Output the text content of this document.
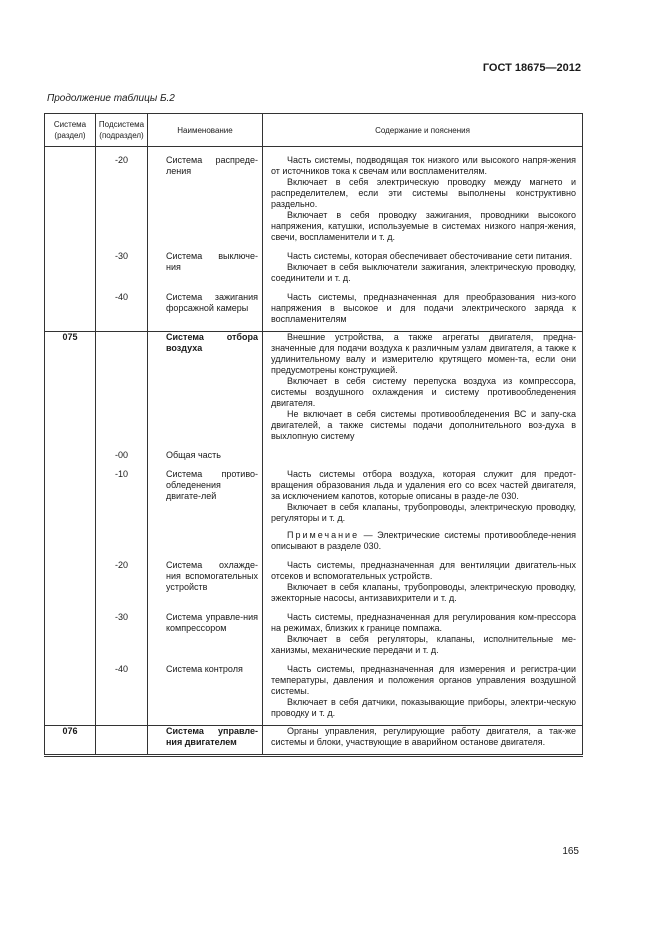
ГОСТ 18675—2012
Продолжение таблицы Б.2
Система (раздел)	Подсистема (подраздел)	Наименование	Содержание и пояснения

	-20	Система распреде-ления	Часть системы, подводящая ток низкого или высокого напря-жения от источников тока к свечам или воспламенителям.

Включает в себя электрическую проводку между магнето и распределителем, если эти системы выполнены конструктивно раздельно.

Включает в себя проводку зажигания, проводники высокого напряжения, катушки, используемые в системах низкого напря-жения, свечи, воспламенители и т. д.

	-30	Система выключе-ния	Часть системы, которая обеспечивает обесточивание сети питания.

Включает в себя выключатели зажигания, электрическую проводку, соединители и т. д.

	-40	Система зажигания форсажной камеры	Часть системы, предназначенная для преобразования низ-кого напряжения в высокое и для подачи электрического заряда к воспламенителям

075		Система отбора воздуха	Внешние устройства, а также агрегаты двигателя, предна-значенные для подачи воздуха к различным узлам двигателя, а также к удлинительному валу и измерителю крутящего момен-та, если они предусмотрены конструкцией.

Включает в себя систему перепуска воздуха из компрессора, системы воздушного охлаждения и систему противообледенения двигателя.

Не включает в себя системы противообледенения ВС и запу-ска двигателей, а также системы подачи дополнительного воз-духа в выхлопную систему

	-00	Общая часть	
	-10	Система противо-обледенения двигате-лей	Часть системы отбора воздуха, которая служит для предот-вращения образования льда и удаления его со всех частей двигателя, за исключением капотов, которые описаны в разде-ле 030.

Включает в себя клапаны, трубопроводы, электрическую проводку, регуляторы и т. д.

Примечание — Электрические системы противообледе-нения описывают в разделе 030.

	-20	Система охлажде-ния вспомогательных устройств	Часть системы, предназначенная для вентиляции двигатель-ных отсеков и вспомогательных устройств.

Включает в себя клапаны, трубопроводы, электрическую проводку, эжекторные насосы, антизавихрители и т. д.

	-30	Система управле-ния компрессором	Часть системы, предназначенная для регулирования ком-прессора на режимах, близких к границе помпажа.

Включает в себя регуляторы, клапаны, исполнительные ме-ханизмы, механические передачи и т. д.

	-40	Система контроля	Часть системы, предназначенная для измерения и регистра-ции температуры, давления и положения органов управления воздушной системы.

Включает в себя датчики, показывающие приборы, электри-ческую проводку и т. д.

076		Система управле-ния двигателем	Органы управления, регулирующие работу двигателя, а так-же системы и блоки, участвующие в аварийном останове двигателя.

165
